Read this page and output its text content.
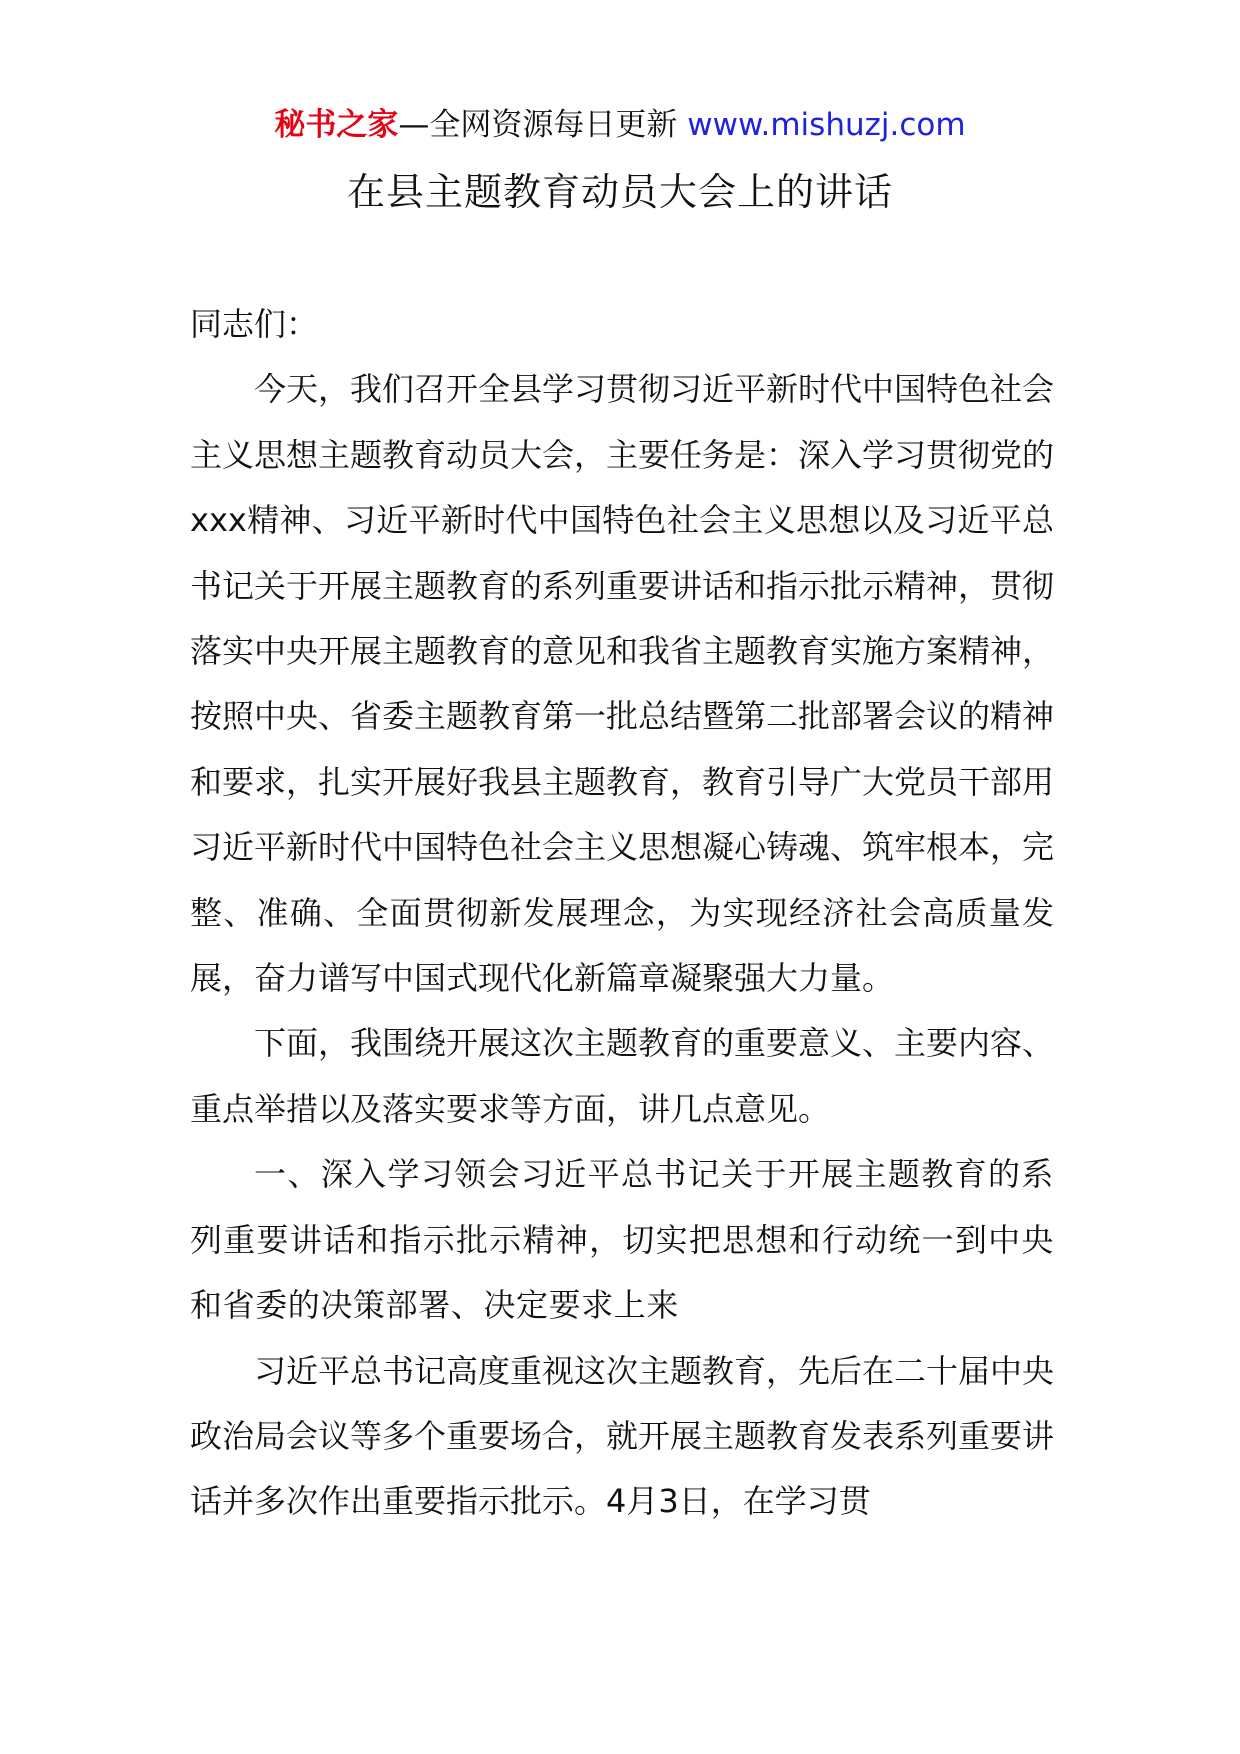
秘书之家—全网资源每日更新 www.mishuzj.com
在县主题教育动员大会上的讲话

同志们：

今天，我们召开全县学习贯彻习近平新时代中国特色社会主义思想主题教育动员大会，主要任务是：深入学习贯彻党的xxx精神、习近平新时代中国特色社会主义思想以及习近平总书记关于开展主题教育的系列重要讲话和指示批示精神，贯彻落实中央开展主题教育的意见和我省主题教育实施方案精神，按照中央、省委主题教育第一批总结暨第二批部署会议的精神和要求，扎实开展好我县主题教育，教育引导广大党员干部用习近平新时代中国特色社会主义思想凝心铸魂、筑牢根本，完整、准确、全面贯彻新发展理念，为实现经济社会高质量发展，奋力谱写中国式现代化新篇章凝聚强大力量。

下面，我围绕开展这次主题教育的重要意义、主要内容、重点举措以及落实要求等方面，讲几点意见。

一、深入学习领会习近平总书记关于开展主题教育的系列重要讲话和指示批示精神，切实把思想和行动统一到中央和省委的决策部署、决定要求上来

习近平总书记高度重视这次主题教育，先后在二十届中央政治局会议等多个重要场合，就开展主题教育发表系列重要讲话并多次作出重要指示批示。4月3日，在学习贯
